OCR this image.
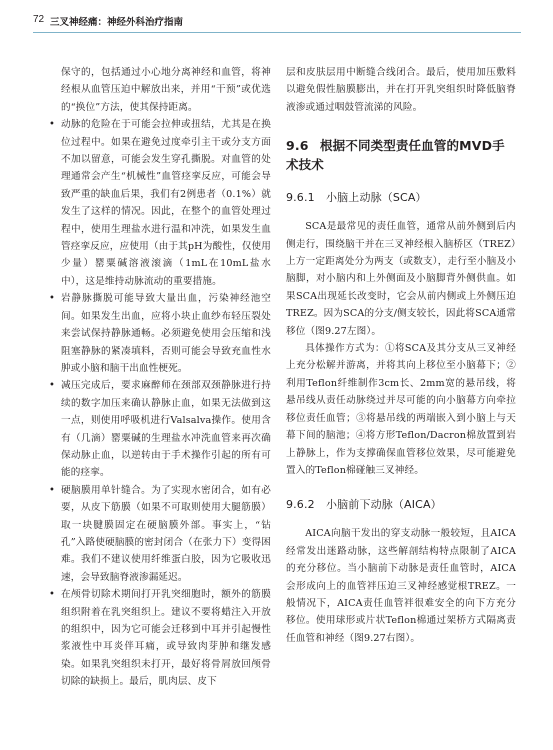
72 三叉神经痛：神经外科治疗指南

保守的，包括通过小心地分离神经和血管，将神经根从血管压迫中解放出来，并用“干预”或优选的“换位”方法，使其保持距离。

• 动脉的危险在于可能会拉伸或扭结，尤其是在换位过程中。如果在避免过度牵引主干或分支方面不加以留意，可能会发生穿孔撕脱。对血管的处理通常会产生“机械性”血管痉挛反应，可能会导致严重的缺血后果，我们有2例患者（0.1%）就发生了这样的情况。因此，在整个的血管处理过程中，使用生理盐水进行温和冲洗，如果发生血管痉挛反应，应使用（由于其pH为酸性，仅使用少量）罂粟碱溶液滚滴（1mL在10mL盐水中），这是维持动脉流动的重要措施。

• 岩静脉撕脱可能导致大量出血，污染神经池空间。如果发生出血，应将小块止血纱布轻压裂处来尝试保持静脉通畅。必须避免使用会压缩和浅阻塞静脉的紧凑填料，否则可能会导致充血性水肿或小脑和脑干出血性梗死。

• 减压完成后，要求麻醉师在颈部双颈静脉进行持续的数字加压来确认静脉止血，如果无法做到这一点，则使用呼吸机进行Valsalva操作。使用含有（几滴）罂粟碱的生理盐水冲洗血管来再次确保动脉止血，以逆转由于手术操作引起的所有可能的痉挛。

• 硬脑膜用单针缝合。为了实现水密闭合，如有必要，从皮下筋膜（如果不可取则使用大腿筋膜）取一块腱膜固定在硬脑膜外部。事实上，“钻孔”入路使硬脑膜的密封闭合（在张力下）变得困难。我们不建议使用纤维蛋白胶，因为它吸收迅速，会导致脑脊液渗漏延迟。

• 在颅骨切除术期间打开乳突细胞时，额外的筋膜组织附着在乳突组织上。建议不要将蜡注入开放的组织中，因为它可能会迁移到中耳并引起慢性浆液性中耳炎伴耳痛，或导致肉芽肿和继发感染。如果乳突组织未打开，最好将骨屑放回颅骨切除的缺损上。最后，肌肉层、皮下

层和皮肤层用中断缝合线闭合。最后，使用加压敷料以避免假性脑膜膨出，并在打开乳突组织时降低脑脊液渗或通过咽鼓管流涕的风险。

9.6 根据不同类型责任血管的MVD手术技术
9.6.1 小脑上动脉（SCA）

SCA是最常见的责任血管，通常从前外侧到后内侧走行，围绕脑干并在三叉神经根入脑桥区（TREZ）上方一定距离处分为两支（或数支），走行至小脑及小脑脚，对小脑内和上外侧面及小脑脚背外侧供血。如果SCA出现延长改变时，它会从前内侧或上外侧压迫TREZ。因为SCA的分支/侧支较长，因此将SCA通常移位（图9.27左图）。

具体操作方式为：①将SCA及其分支从三叉神经上充分松解并游离，并将其向上移位至小脑幕下；②利用Teflon纤维制作3cm长、2mm宽的悬吊线，将悬吊线从责任动脉绕过并尽可能的向小脑幕方向牵拉移位责任血管；③将悬吊线的两端嵌入到小脑上与天幕下间的脑池；④将方形Teflon/Dacron棉放置到岩上静脉上，作为支撑确保血管移位效果，尽可能避免置入的Teflon棉碰触三叉神经。

9.6.2 小脑前下动脉（AICA）

AICA向脑干发出的穿支动脉一般较短，且AICA经常发出迷路动脉，这些解剖结构特点限制了AICA的充分移位。当小脑前下动脉是责任血管时，AICA会形成向上的血管袢压迫三叉神经感觉根TREZ。一般情况下，AICA责任血管袢很难安全的向下方充分移位。使用球形或片状Teflon棉通过架桥方式隔离责任血管和神经（图9.27右图）。
